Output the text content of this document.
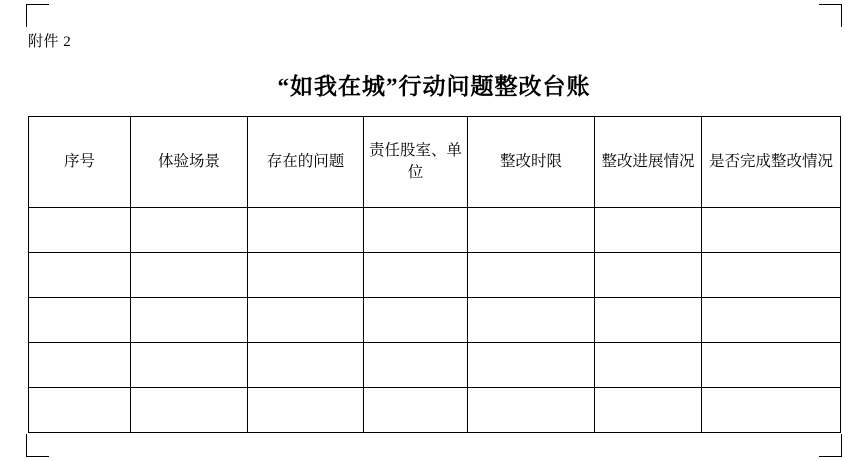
附件 2
“如我在城”行动问题整改台账
序号	体验场景	存在的问题	责任股室、单位	整改时限	整改进展情况	是否完成整改情况
